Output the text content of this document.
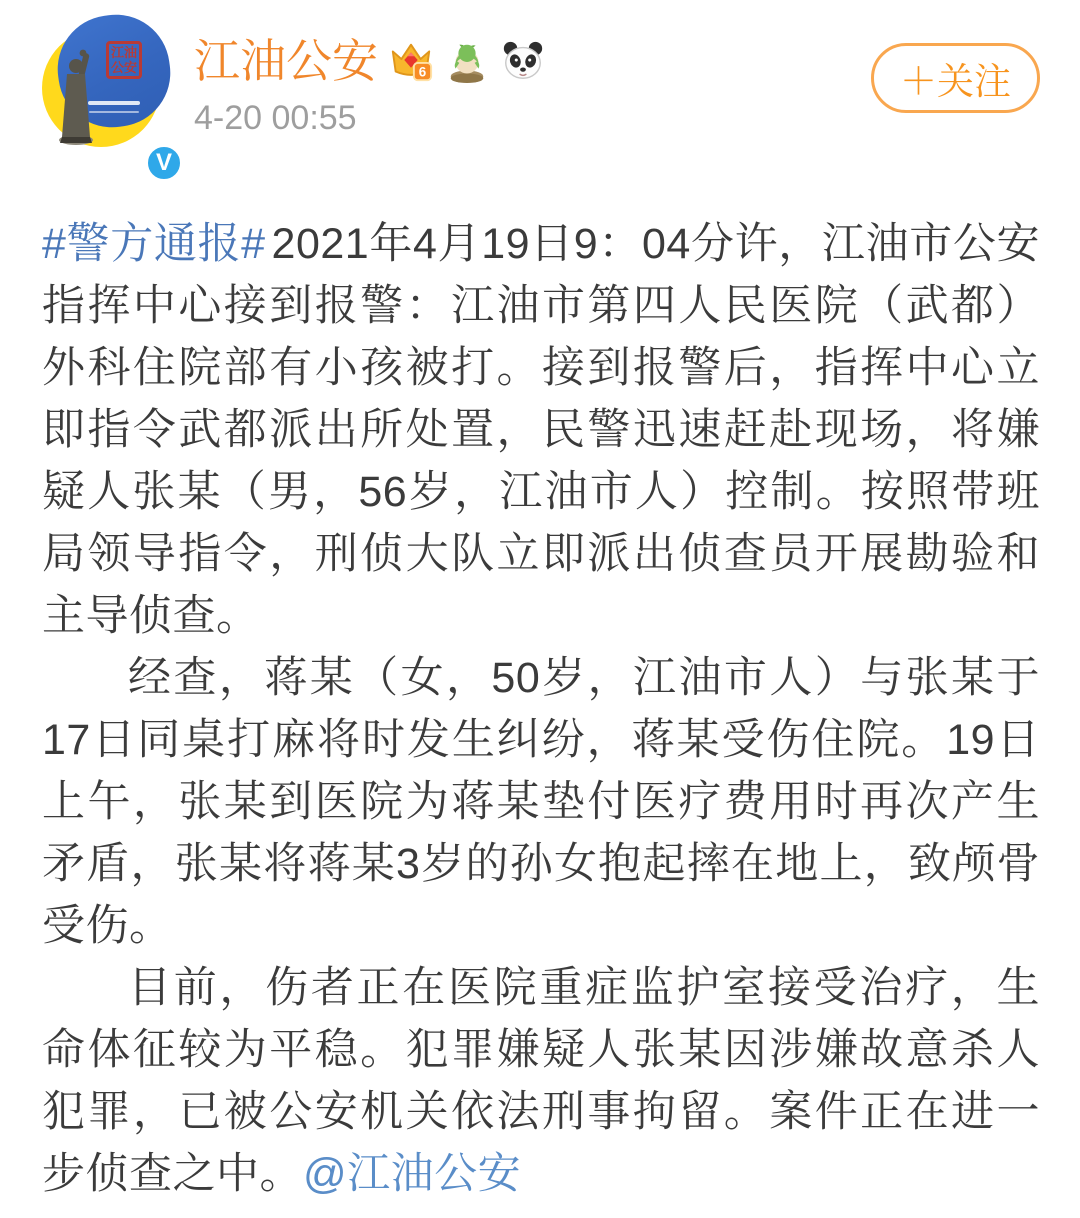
江油公安
V
江油公安	6
4-20 00:55
＋关注

#警方通报# 2021年4月19日9：04分许，江油市公安指挥中心接到报警：江油市第四人民医院（武都）外科住院部有小孩被打。接到报警后，指挥中心立即指令武都派出所处置，民警迅速赶赴现场，将嫌疑人张某（男，56岁，江油市人）控制。按照带班局领导指令，刑侦大队立即派出侦查员开展勘验和主导侦查。

经查，蒋某（女，50岁，江油市人）与张某于17日同桌打麻将时发生纠纷，蒋某受伤住院。19日上午，张某到医院为蒋某垫付医疗费用时再次产生矛盾，张某将蒋某3岁的孙女抱起摔在地上，致颅骨受伤。

目前，伤者正在医院重症监护室接受治疗，生命体征较为平稳。犯罪嫌疑人张某因涉嫌故意杀人犯罪，已被公安机关依法刑事拘留。案件正在进一步侦查之中。@江油公安
